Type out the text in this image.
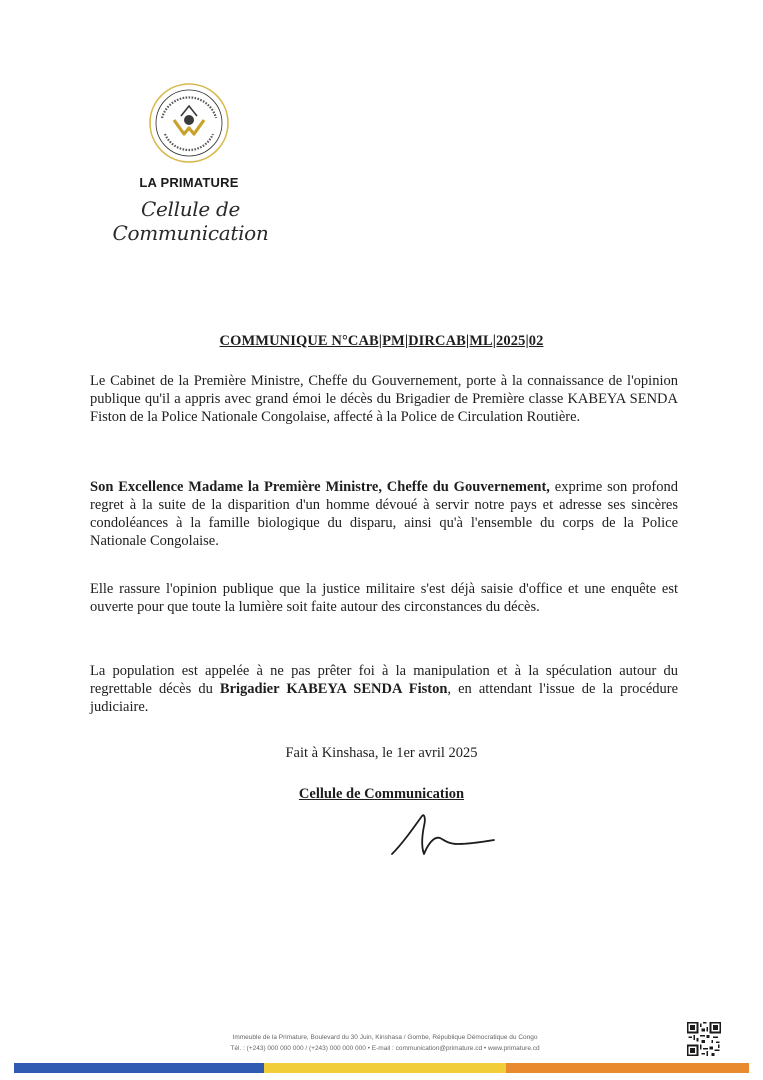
LA PRIMATURE
Cellule de Communication
COMMUNIQUE N°CAB|PM|DIRCAB|ML|2025|02

Le Cabinet de la Première Ministre, Cheffe du Gouvernement, porte à la connaissance de l'opinion publique qu'il a appris avec grand émoi le décès du Brigadier de Première classe KABEYA SENDA Fiston de la Police Nationale Congolaise, affecté à la Police de Circulation Routière.

Son Excellence Madame la Première Ministre, Cheffe du Gouvernement, exprime son profond regret à la suite de la disparition d'un homme dévoué à servir notre pays et adresse ses sincères condoléances à la famille biologique du disparu, ainsi qu'à l'ensemble du corps de la Police Nationale Congolaise.

Elle rassure l'opinion publique que la justice militaire s'est déjà saisie d'office et une enquête est ouverte pour que toute la lumière soit faite autour des circonstances du décès.

La population est appelée à ne pas prêter foi à la manipulation et à la spéculation autour du regrettable décès du Brigadier KABEYA SENDA Fiston, en attendant l'issue de la procédure judiciaire.

Fait à Kinshasa, le 1er avril 2025
Cellule de Communication
Immeuble de la Primature, Boulevard du 30 Juin, Kinshasa / Gombe, République Démocratique du Congo
Tél. : (+243) 000 000 000 / (+243) 000 000 000 • E-mail : communication@primature.cd • www.primature.cd
